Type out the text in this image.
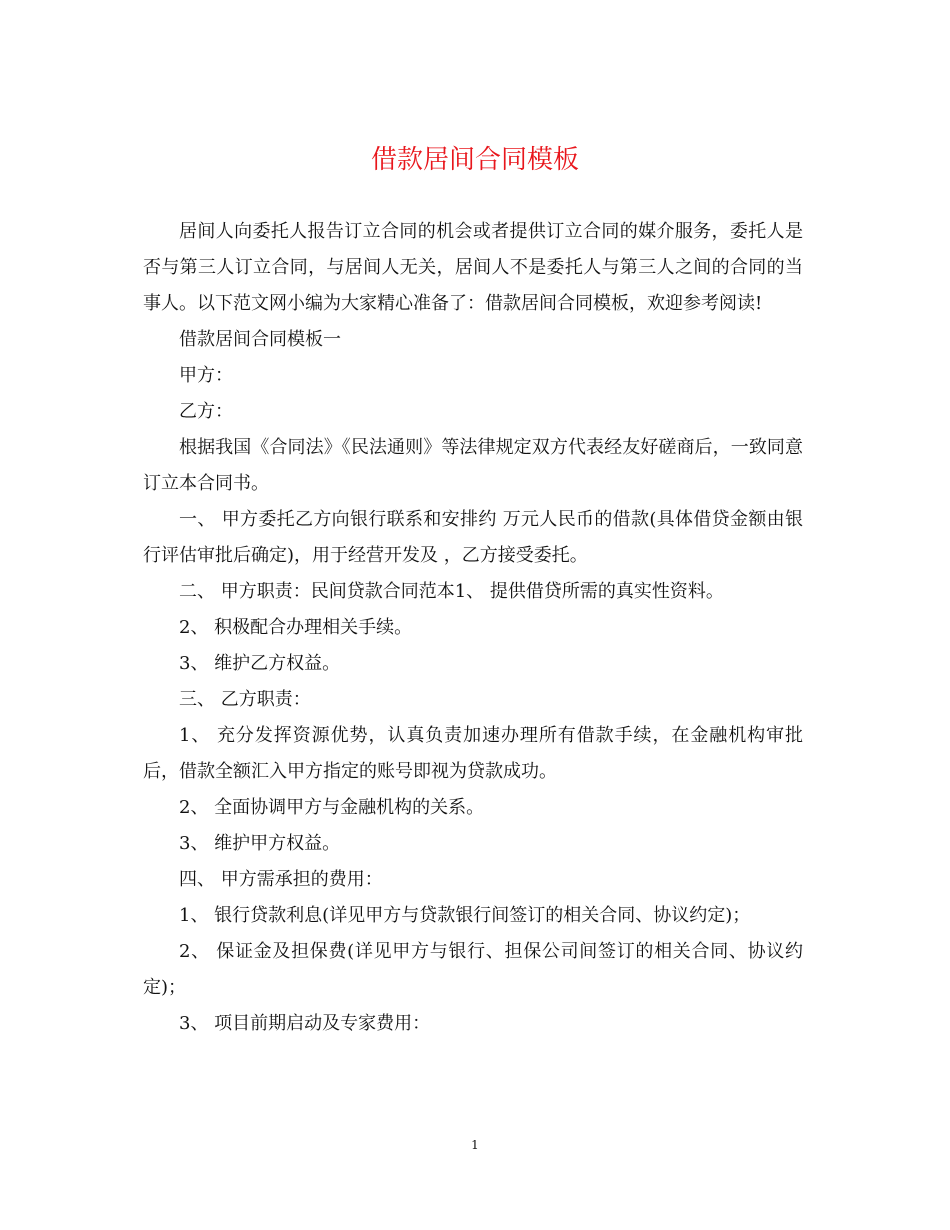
借款居间合同模板

居间人向委托人报告订立合同的机会或者提供订立合同的媒介服务，委托人是否与第三人订立合同，与居间人无关，居间人不是委托人与第三人之间的合同的当事人。以下范文网小编为大家精心准备了：借款居间合同模板，欢迎参考阅读!

借款居间合同模板一

甲方：

乙方：

根据我国《合同法》《民法通则》等法律规定双方代表经友好磋商后，一致同意订立本合同书。

一、 甲方委托乙方向银行联系和安排约 万元人民币的借款(具体借贷金额由银行评估审批后确定)，用于经营开发及 ，乙方接受委托。

二、 甲方职责：民间贷款合同范本1、 提供借贷所需的真实性资料。

2、 积极配合办理相关手续。

3、 维护乙方权益。

三、 乙方职责：

1、 充分发挥资源优势，认真负责加速办理所有借款手续，在金融机构审批后，借款全额汇入甲方指定的账号即视为贷款成功。

2、 全面协调甲方与金融机构的关系。

3、 维护甲方权益。

四、 甲方需承担的费用：

1、 银行贷款利息(详见甲方与贷款银行间签订的相关合同、协议约定)；

2、 保证金及担保费(详见甲方与银行、担保公司间签订的相关合同、协议约定)；

3、 项目前期启动及专家费用：

1
